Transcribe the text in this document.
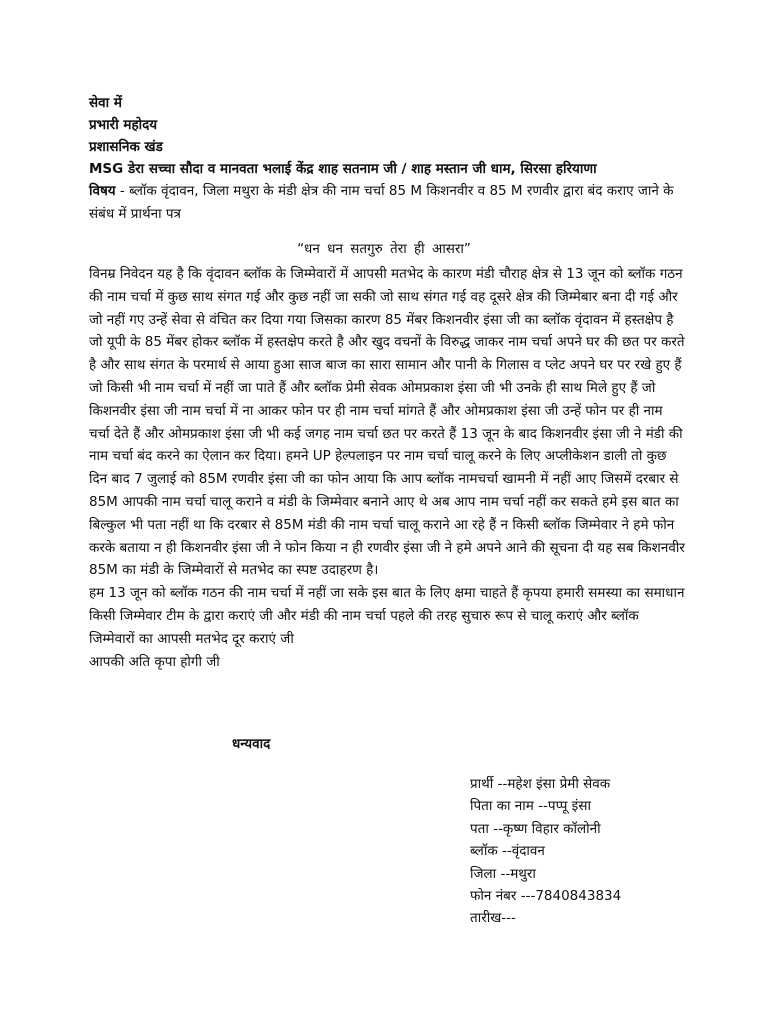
सेवा में
प्रभारी महोदय
प्रशासनिक खंड
MSG डेरा सच्चा सौदा व मानवता भलाई केंद्र शाह सतनाम जी / शाह मस्तान जी धाम, सिरसा हरियाणा
विषय - ब्लॉक वृंदावन, जिला मथुरा के मंडी क्षेत्र की नाम चर्चा 85 M किशनवीर व 85 M रणवीर द्वारा बंद कराए जाने के संबंध में प्रार्थना पत्र
“धन धन सतगुरु तेरा ही आसरा”

विनम्र निवेदन यह है कि वृंदावन ब्लॉक के जिम्मेवारों में आपसी मतभेद के कारण मंडी चौराह क्षेत्र से 13 जून को ब्लॉक गठन की नाम चर्चा में कुछ साथ संगत गई और कुछ नहीं जा सकी जो साथ संगत गई वह दूसरे क्षेत्र की जिम्मेबार बना दी गई और जो नहीं गए उन्हें सेवा से वंचित कर दिया गया जिसका कारण 85 मेंबर किशनवीर इंसा जी का ब्लॉक वृंदावन में हस्तक्षेप है जो यूपी के 85 मेंबर होकर ब्लॉक में हस्तक्षेप करते है और खुद वचनों के विरुद्ध जाकर नाम चर्चा अपने घर की छत पर करते है और साथ संगत के परमार्थ से आया हुआ साज बाज का सारा सामान और पानी के गिलास व प्लेट अपने घर पर रखे हुए हैं जो किसी भी नाम चर्चा में नहीं जा पाते हैं और ब्लॉक प्रेमी सेवक ओमप्रकाश इंसा जी भी उनके ही साथ मिले हुए हैं जो किशनवीर इंसा जी नाम चर्चा में ना आकर फोन पर ही नाम चर्चा मांगते हैं और ओमप्रकाश इंसा जी उन्हें फोन पर ही नाम चर्चा देते हैं और ओमप्रकाश इंसा जी भी कई जगह नाम चर्चा छत पर करते हैं 13 जून के बाद किशनवीर इंसा जी ने मंडी की नाम चर्चा बंद करने का ऐलान कर दिया। हमने UP हेल्पलाइन पर नाम चर्चा चालू करने के लिए अप्लीकेशन डाली तो कुछ दिन बाद 7 जुलाई को 85M रणवीर इंसा जी का फोन आया कि आप ब्लॉक नामचर्चा खामनी में नहीं आए जिसमें दरबार से 85M आपकी नाम चर्चा चालू कराने व मंडी के जिम्मेवार बनाने आए थे अब आप नाम चर्चा नहीं कर सकते हमे इस बात का बिल्कुल भी पता नहीं था कि दरबार से 85M मंडी की नाम चर्चा चालू कराने आ रहे हैं न किसी ब्लॉक जिम्मेवार ने हमे फोन करके बताया न ही किशनवीर इंसा जी ने फोन किया न ही रणवीर इंसा जी ने हमे अपने आने की सूचना दी यह सब किशनवीर 85M का मंडी के जिम्मेवारों से मतभेद का स्पष्ट उदाहरण है।

हम 13 जून को ब्लॉक गठन की नाम चर्चा में नहीं जा सके इस बात के लिए क्षमा चाहते हैं कृपया हमारी समस्या का समाधान किसी जिम्मेवार टीम के द्वारा कराएं जी और मंडी की नाम चर्चा पहले की तरह सुचारु रूप से चालू कराएं और ब्लॉक जिम्मेवारों का आपसी मतभेद दूर कराएं जी

आपकी अति कृपा होगी जी

धन्यवाद
प्रार्थी --महेश इंसा प्रेमी सेवक
पिता का नाम --पप्पू इंसा
पता --कृष्ण विहार कॉलोनी
ब्लॉक --वृंदावन
जिला --मथुरा
फोन नंबर ---7840843834
तारीख---
